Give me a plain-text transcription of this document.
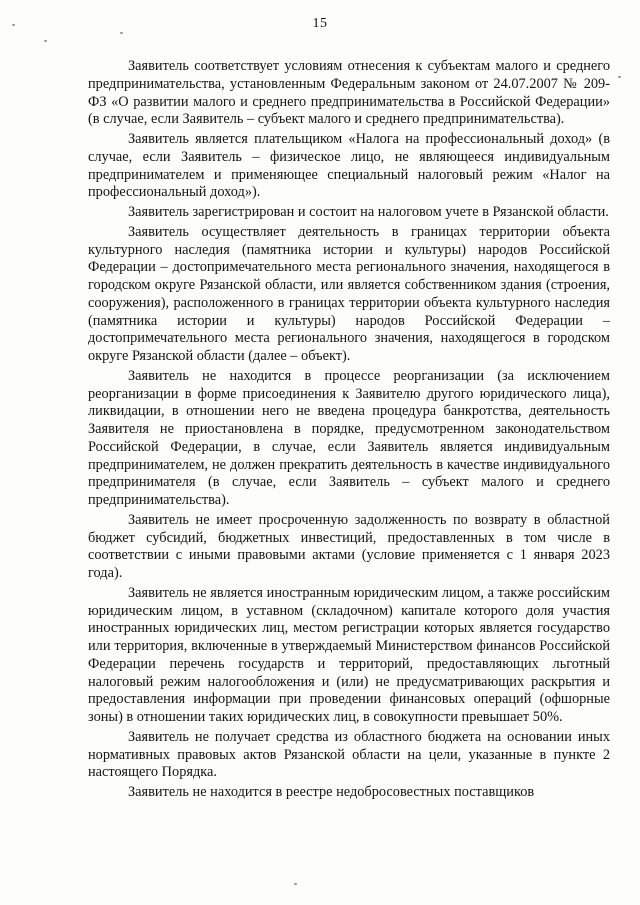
15

Заявитель соответствует условиям отнесения к субъектам малого и среднего предпринимательства, установленным Федеральным законом от 24.07.2007 № 209-ФЗ «О развитии малого и среднего предпринимательства в Российской Федерации» (в случае, если Заявитель – субъект малого и среднего предпринимательства).

Заявитель является плательщиком «Налога на профессиональный доход» (в случае, если Заявитель – физическое лицо, не являющееся индивидуальным предпринимателем и применяющее специальный налоговый режим «Налог на профессиональный доход»).

Заявитель зарегистрирован и состоит на налоговом учете в Рязанской области.

Заявитель осуществляет деятельность в границах территории объекта культурного наследия (памятника истории и культуры) народов Российской Федерации – достопримечательного места регионального значения, находящегося в городском округе Рязанской области, или является собственником здания (строения, сооружения), расположенного в границах территории объекта культурного наследия (памятника истории и культуры) народов Российской Федерации – достопримечательного места регионального значения, находящегося в городском округе Рязанской области (далее – объект).

Заявитель не находится в процессе реорганизации (за исключением реорганизации в форме присоединения к Заявителю другого юридического лица), ликвидации, в отношении него не введена процедура банкротства, деятельность Заявителя не приостановлена в порядке, предусмотренном законодательством Российской Федерации, в случае, если Заявитель является индивидуальным предпринимателем, не должен прекратить деятельность в качестве индивидуального предпринимателя (в случае, если Заявитель – субъект малого и среднего предпринимательства).

Заявитель не имеет просроченную задолженность по возврату в областной бюджет субсидий, бюджетных инвестиций, предоставленных в том числе в соответствии с иными правовыми актами (условие применяется с 1 января 2023 года).

Заявитель не является иностранным юридическим лицом, а также российским юридическим лицом, в уставном (складочном) капитале которого доля участия иностранных юридических лиц, местом регистрации которых является государство или территория, включенные в утверждаемый Министерством финансов Российской Федерации перечень государств и территорий, предоставляющих льготный налоговый режим налогообложения и (или) не предусматривающих раскрытия и предоставления информации при проведении финансовых операций (офшорные зоны) в отношении таких юридических лиц, в совокупности превышает 50%.

Заявитель не получает средства из областного бюджета на основании иных нормативных правовых актов Рязанской области на цели, указанные в пункте 2 настоящего Порядка.

Заявитель не находится в реестре недобросовестных поставщиков
